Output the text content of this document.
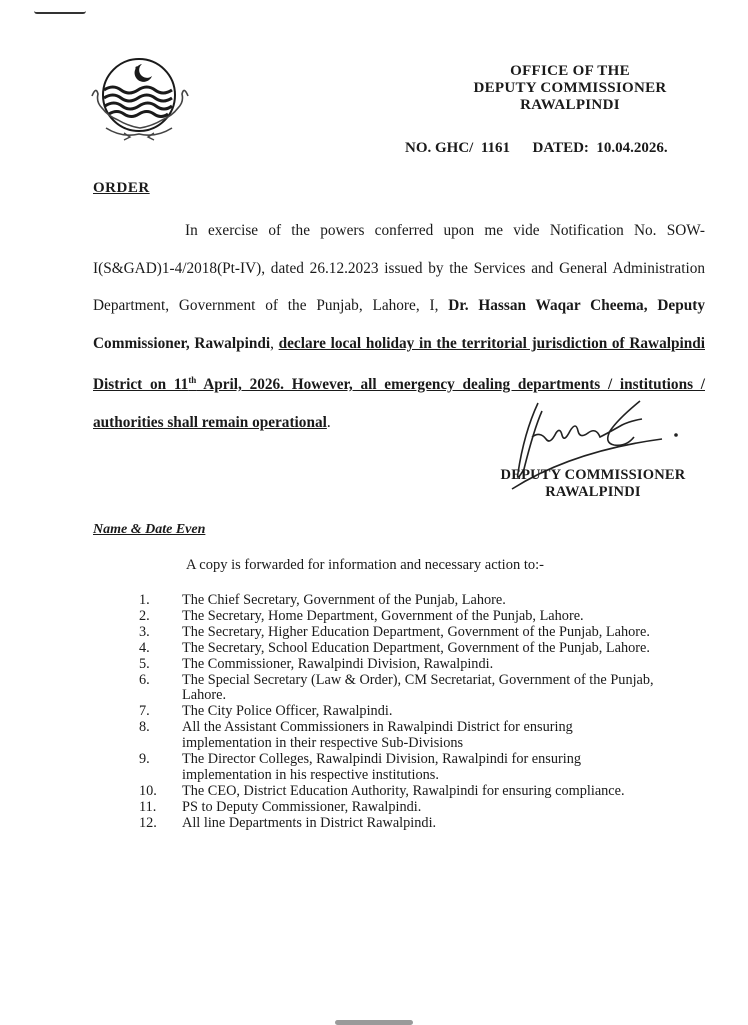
OFFICE OF THE
DEPUTY COMMISSIONER
RAWALPINDI
NO. GHC/ 1161 DATED: 10.04.2026.
ORDER
In exercise of the powers conferred upon me vide Notification No. SOW-I(S&GAD)1-4/2018(Pt-IV), dated 26.12.2023 issued by the Services and General Administration Department, Government of the Punjab, Lahore, I, Dr. Hassan Waqar Cheema, Deputy Commissioner, Rawalpindi, declare local holiday in the territorial jurisdiction of Rawalpindi District on 11th April, 2026. However, all emergency dealing departments / institutions / authorities shall remain operational.
DEPUTY COMMISSIONER
RAWALPINDI
Name & Date Even
A copy is forwarded for information and necessary action to:-
1.	The Chief Secretary, Government of the Punjab, Lahore.
2.	The Secretary, Home Department, Government of the Punjab, Lahore.
3.	The Secretary, Higher Education Department, Government of the Punjab, Lahore.
4.	The Secretary, School Education Department, Government of the Punjab, Lahore.
5.	The Commissioner, Rawalpindi Division, Rawalpindi.
6.	The Special Secretary (Law & Order), CM Secretariat, Government of the Punjab, Lahore.
7.	The City Police Officer, Rawalpindi.
8.	All the Assistant Commissioners in Rawalpindi District for ensuring implementation in their respective Sub-Divisions
9.	The Director Colleges, Rawalpindi Division, Rawalpindi for ensuring implementation in his respective institutions.
10.	The CEO, District Education Authority, Rawalpindi for ensuring compliance.
11.	PS to Deputy Commissioner, Rawalpindi.
12.	All line Departments in District Rawalpindi.
